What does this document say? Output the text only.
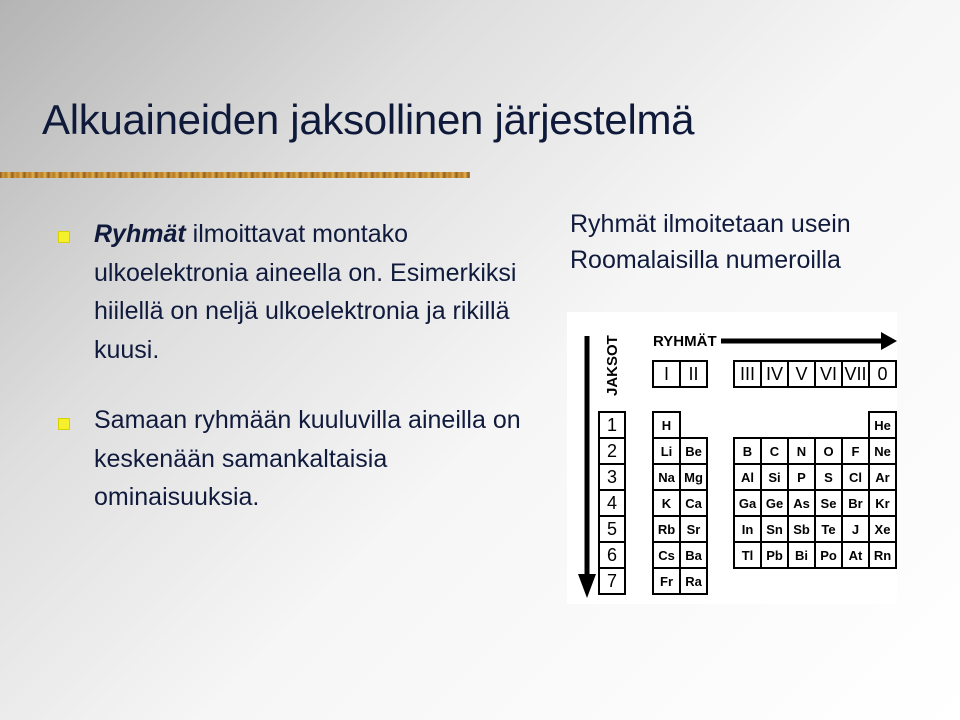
Alkuaineiden jaksollinen järjestelmä

Ryhmät ilmoittavat montako ulkoelektronia aineella on. Esimerkiksi hiilellä on neljä ulkoelektronia ja rikillä kuusi.

Samaan ryhmään kuuluvilla aineilla on keskenään samankaltaisia ominaisuuksia.

Ryhmät ilmoitetaan usein Roomalaisilla numeroilla

RYHMÄT
JAKSOT I II III IV V VI VII 0
1
2
3
4
5
6
7
H
Li Be
Na Mg
K Ca
Rb Sr
Cs Ba
Fr Ra
He
B C N O F Ne
Al Si P S Cl Ar
Ga Ge As Se Br Kr
In Sn Sb Te J Xe
Tl Pb Bi Po At Rn
